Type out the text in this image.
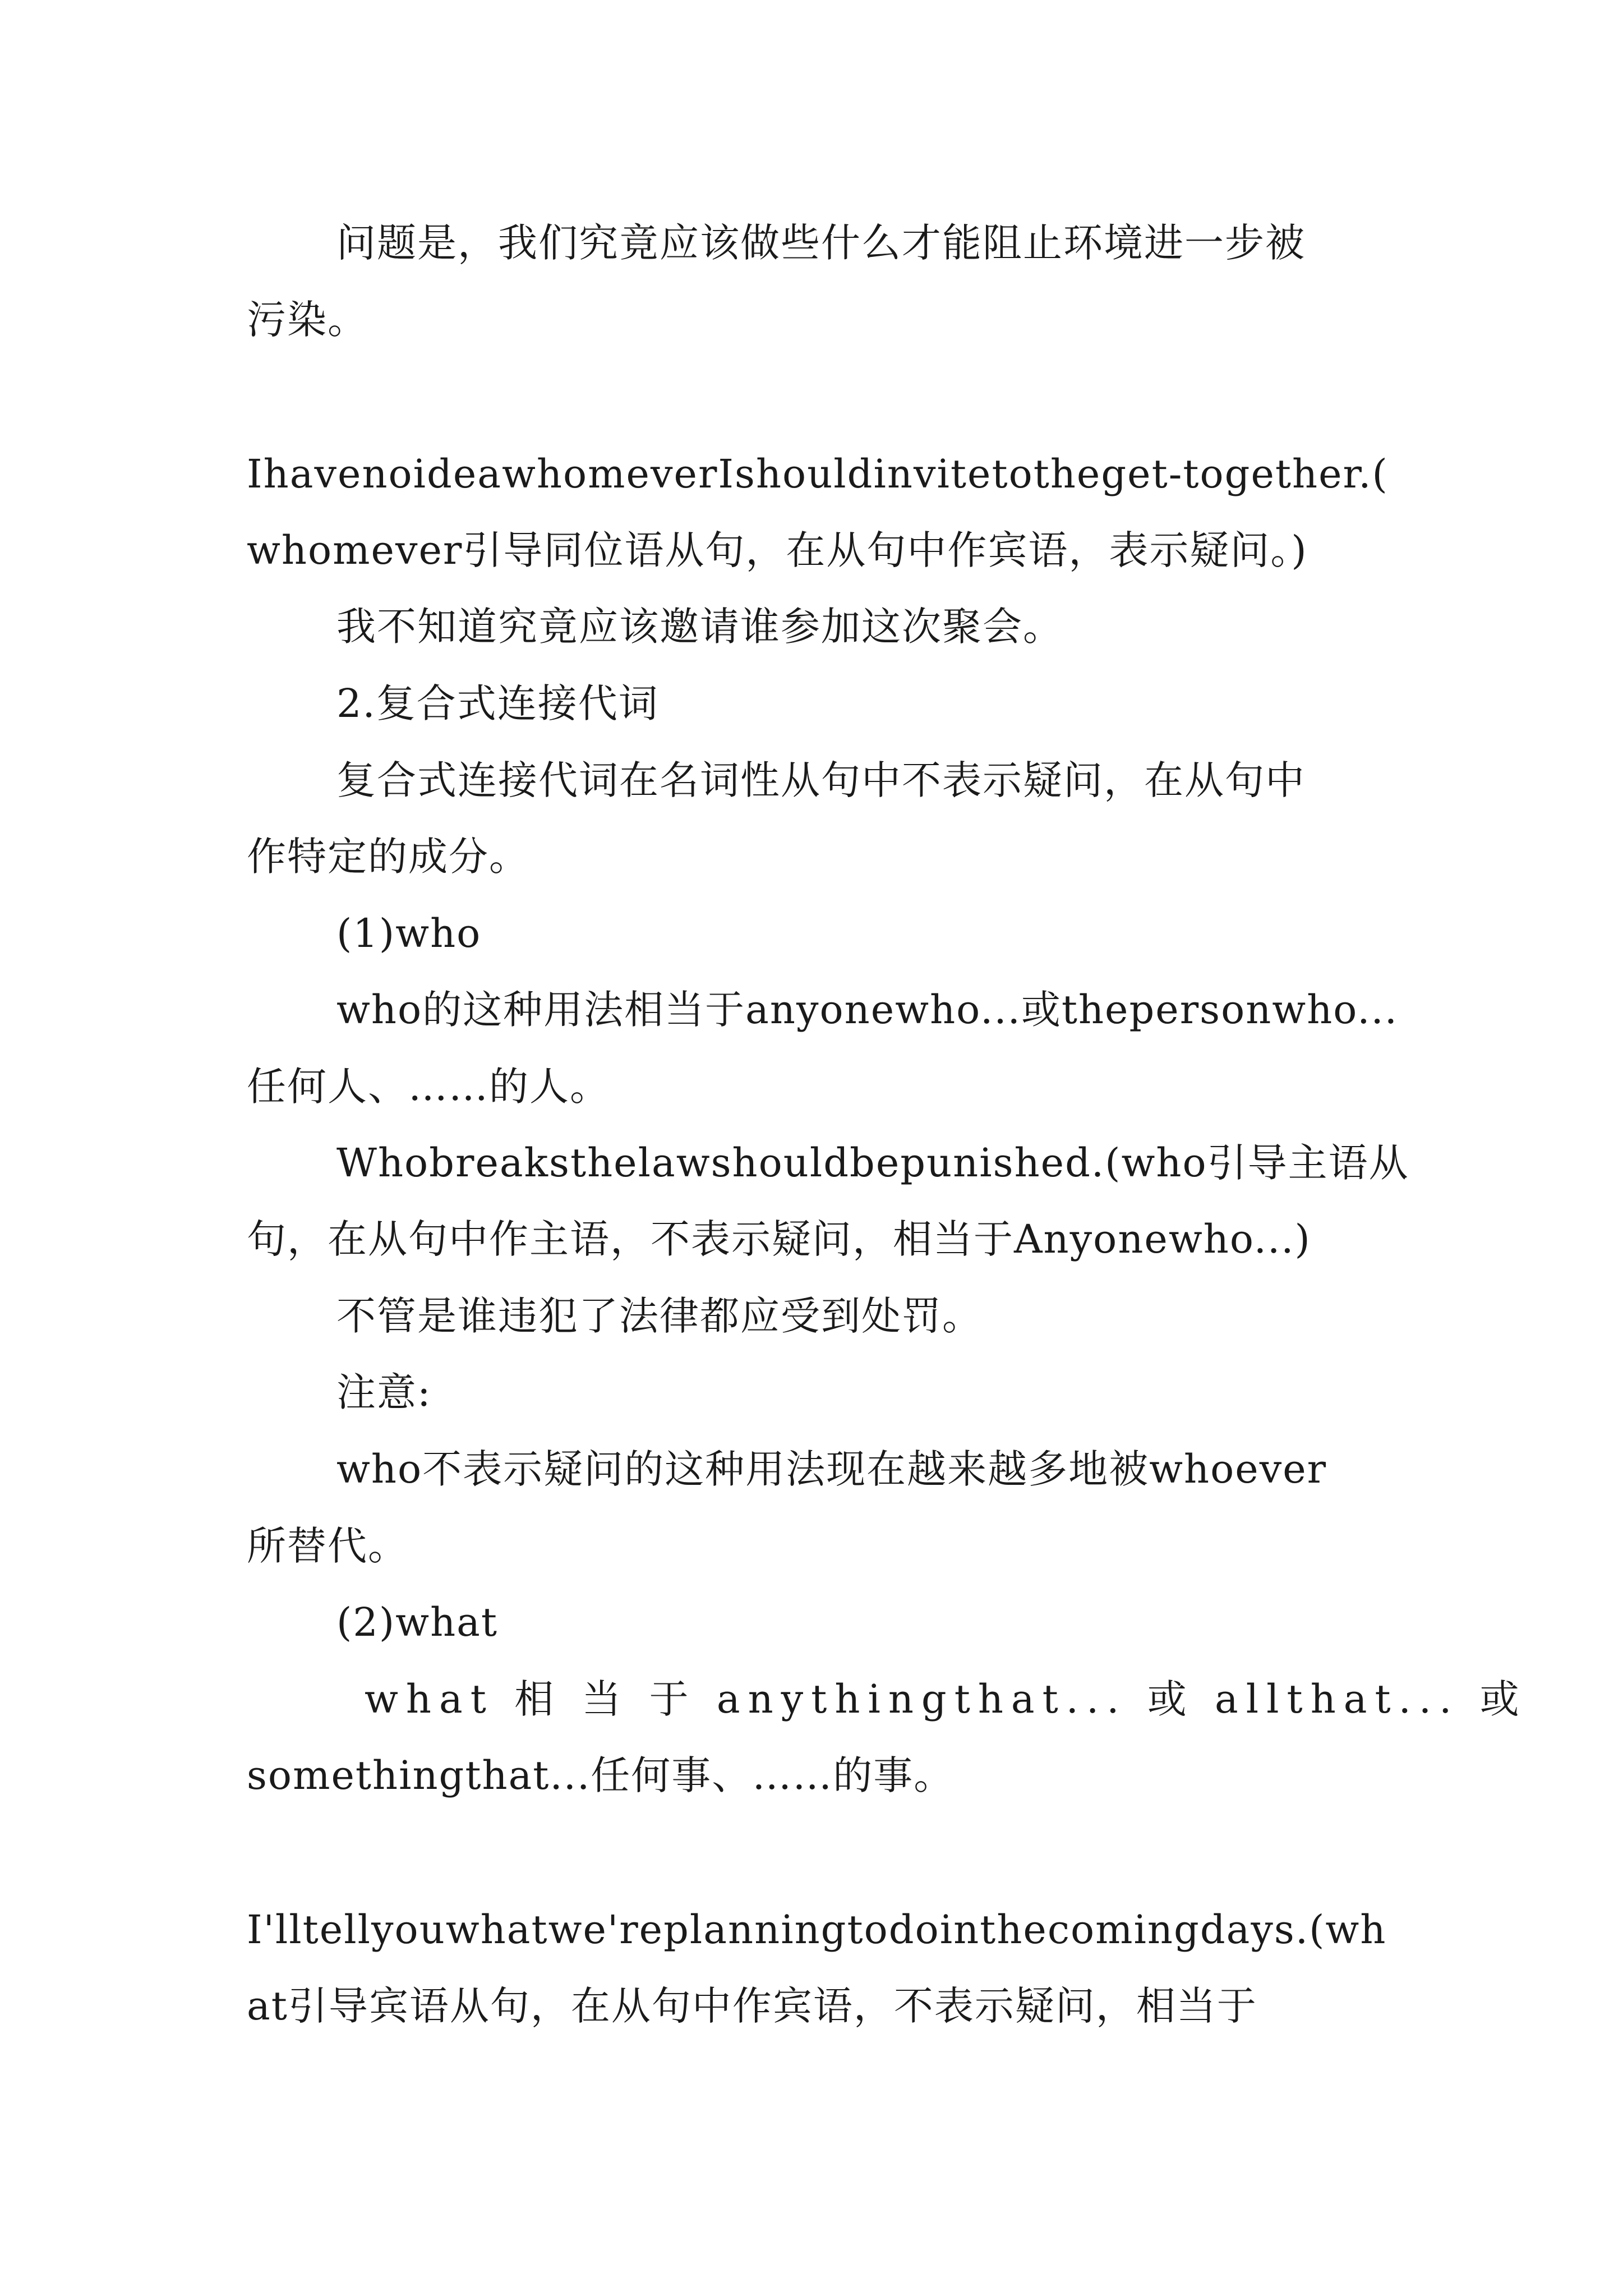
问题是，我们究竟应该做些什么才能阻止环境进一步被
污染。
IhavenoideawhomeverIshouldinvitetotheget-together.(
whomever引导同位语从句，在从句中作宾语，表示疑问。)
我不知道究竟应该邀请谁参加这次聚会。
2.复合式连接代词
复合式连接代词在名词性从句中不表示疑问，在从句中
作特定的成分。
(1)who
who的这种用法相当于anyonewho...或thepersonwho...
任何人、……的人。
Whobreaksthelawshouldbepunished.(who引导主语从
句，在从句中作主语，不表示疑问，相当于Anyonewho...)
不管是谁违犯了法律都应受到处罚。
注意:
who不表示疑问的这种用法现在越来越多地被whoever
所替代。
(2)what
what 相 当 于 anythingthat... 或 allthat... 或
somethingthat...任何事、……的事。
I'lltellyouwhatwe'replanningtodointhecomingdays.(wh
at引导宾语从句，在从句中作宾语，不表示疑问，相当于
